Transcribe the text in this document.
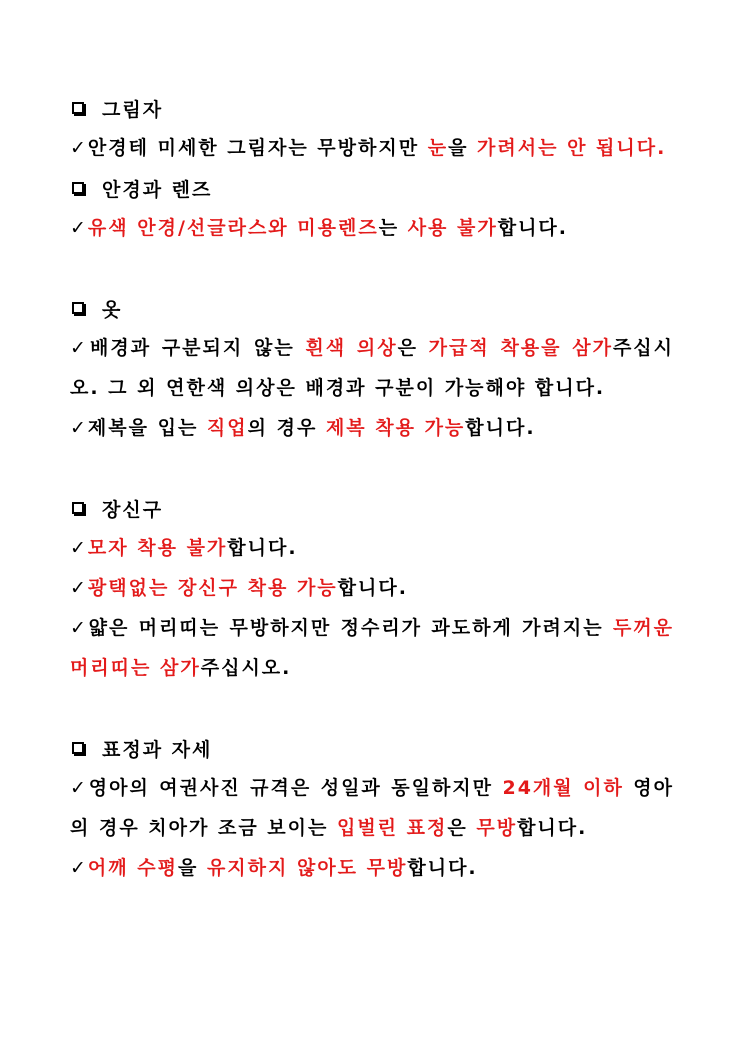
그림자

✓안경테 미세한 그림자는 무방하지만 눈을 가려서는 안 됩니다.

안경과 렌즈

✓유색 안경/선글라스와 미용렌즈는 사용 불가합니다.

옷

✓배경과 구분되지 않는 흰색 의상은 가급적 착용을 삼가주십시오. 그 외 연한색 의상은 배경과 구분이 가능해야 합니다.

✓제복을 입는 직업의 경우 제복 착용 가능합니다.

장신구

✓모자 착용 불가합니다.

✓광택없는 장신구 착용 가능합니다.

✓얇은 머리띠는 무방하지만 정수리가 과도하게 가려지는 두꺼운 머리띠는 삼가주십시오.

표정과 자세

✓영아의 여권사진 규격은 성일과 동일하지만 24개월 이하 영아의 경우 치아가 조금 보이는 입벌린 표정은 무방합니다.

✓어깨 수평을 유지하지 않아도 무방합니다.
